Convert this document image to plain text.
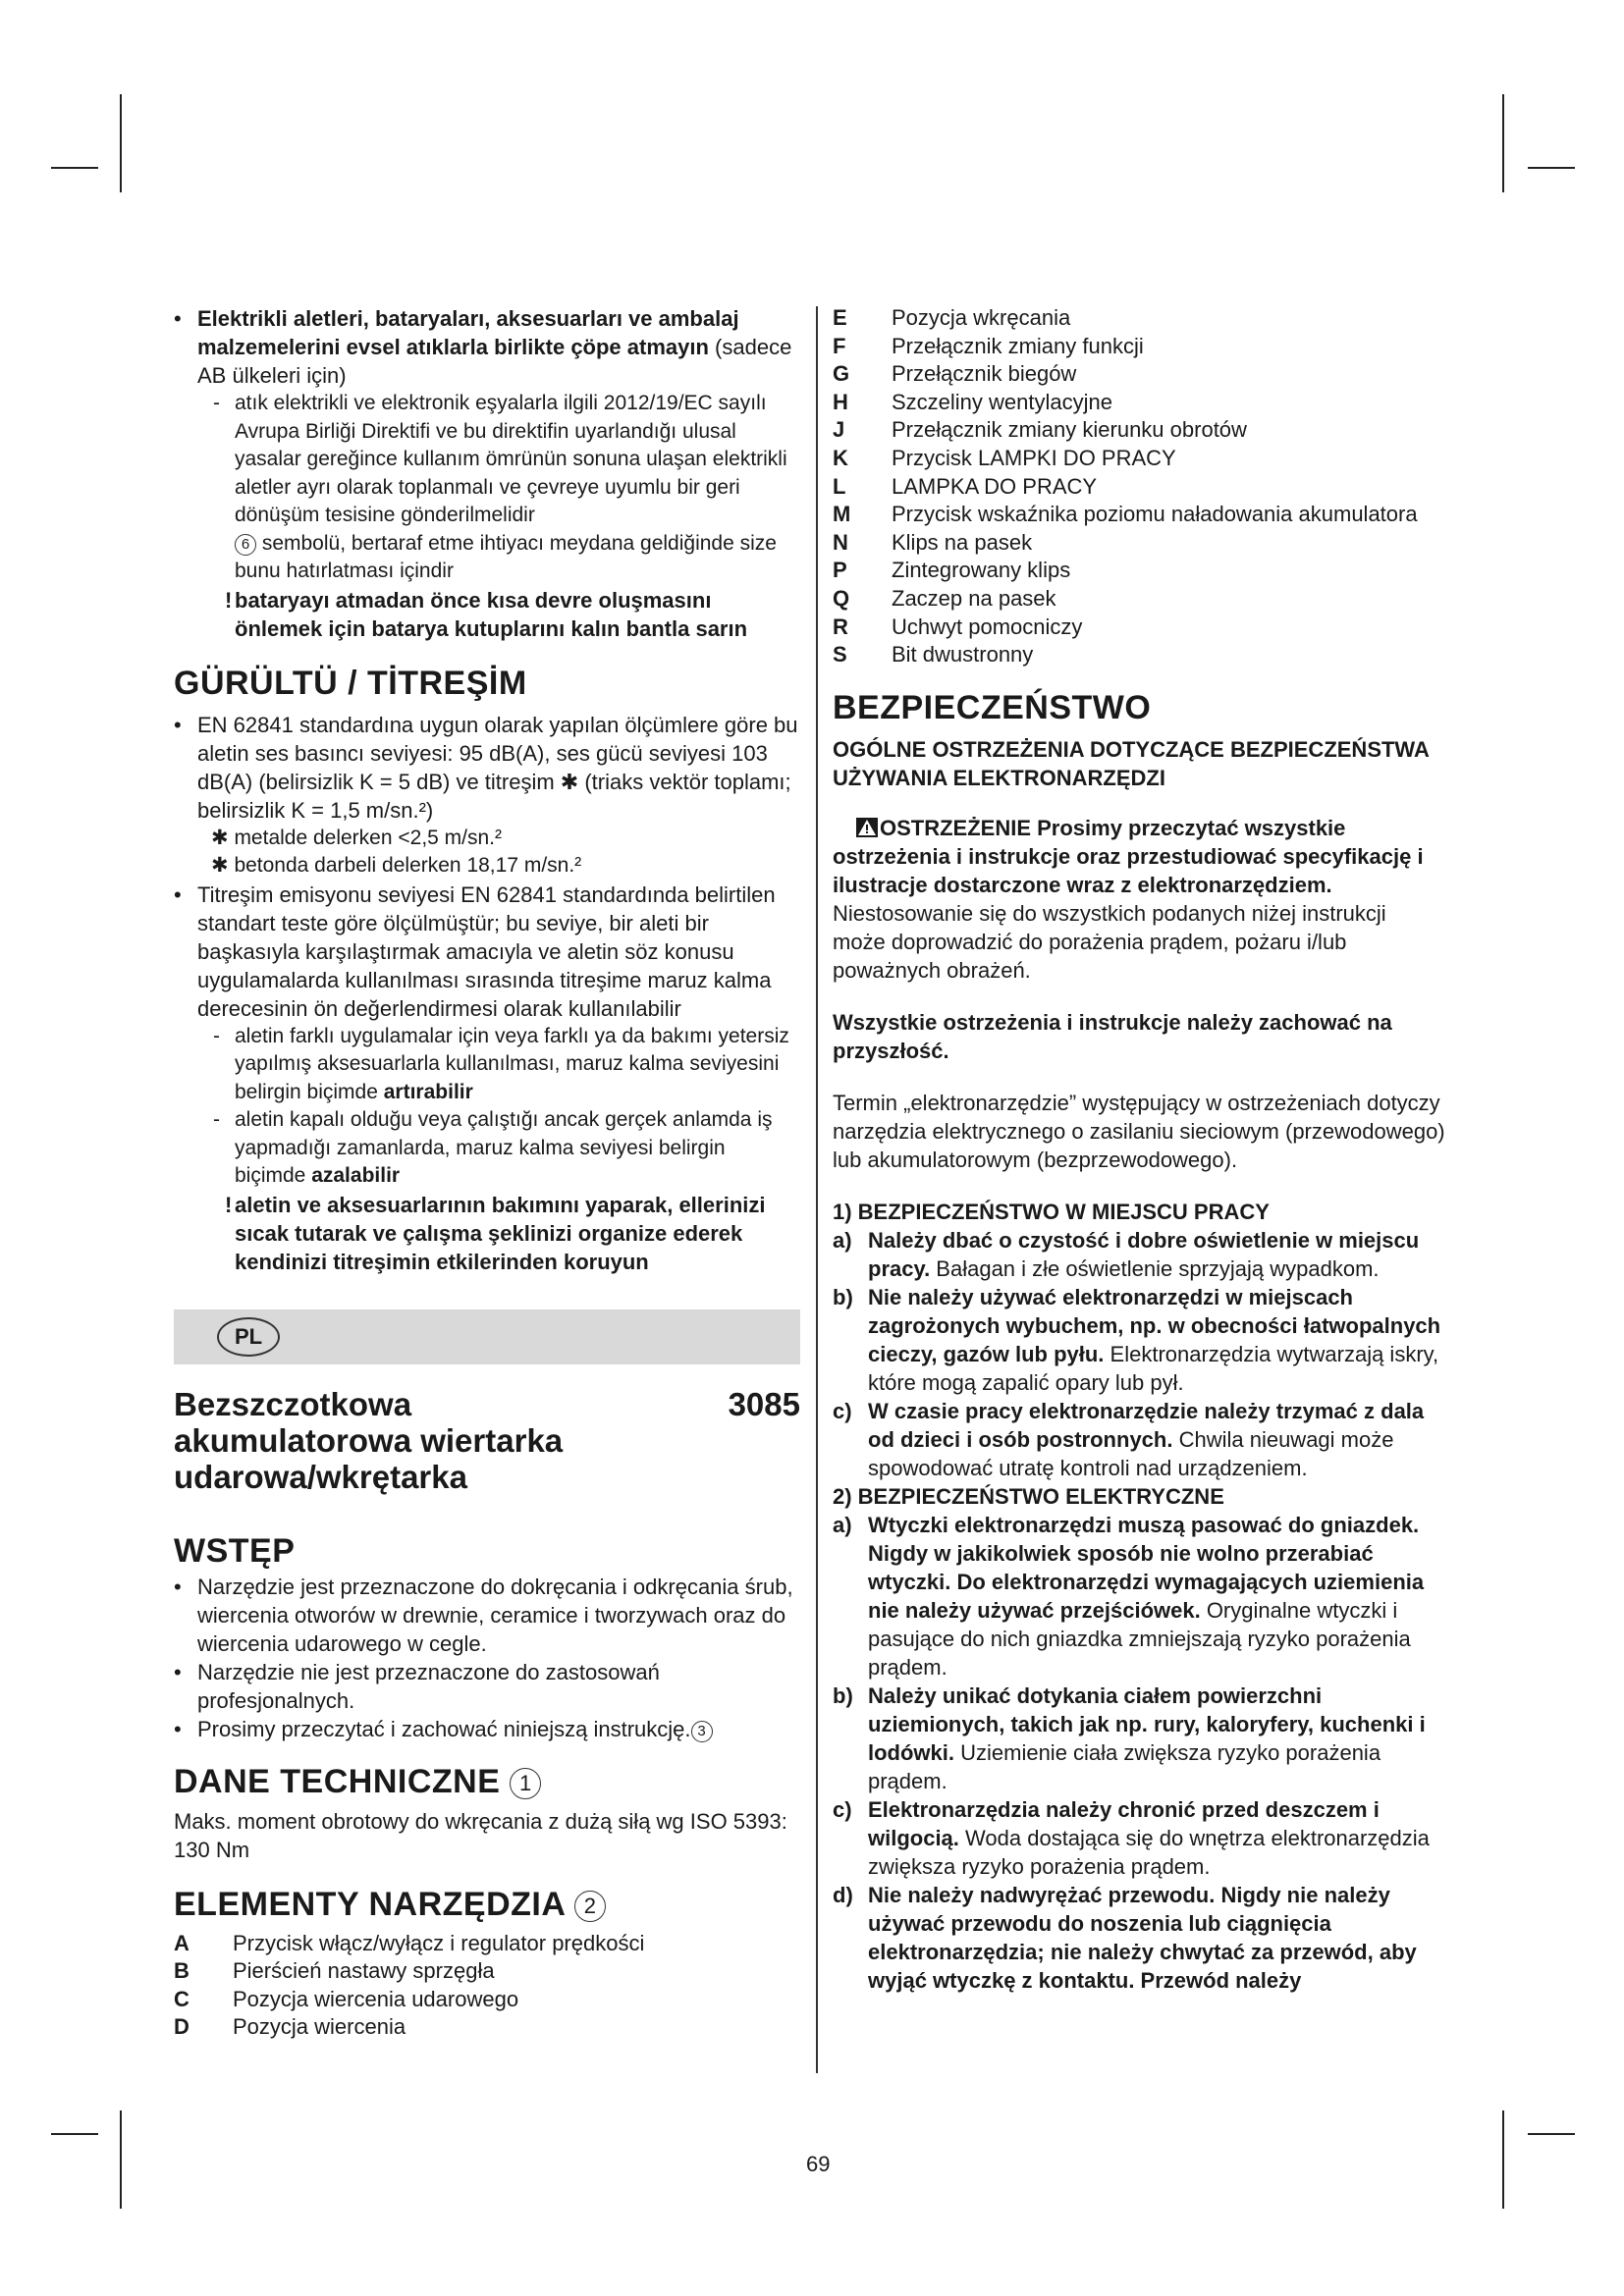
• Elektrikli aletleri, bataryaları, aksesuarları ve ambalaj malzemelerini evsel atıklarla birlikte çöpe atmayın (sadece AB ülkeleri için)
- atık elektrikli ve elektronik eşyalarla ilgili 2012/19/EC sayılı Avrupa Birliği Direktifi ve bu direktifin uyarlandığı ulusal yasalar gereğince kullanım ömrünün sonuna ulaşan elektrikli aletler ayrı olarak toplanmalı ve çevreye uyumlu bir geri dönüşüm tesisine gönderilmelidir
6 sembolü, bertaraf etme ihtiyacı meydana geldiğinde size bunu hatırlatması içindir
! bataryayı atmadan önce kısa devre oluşmasını önlemek için batarya kutuplarını kalın bantla sarın
GÜRÜLTÜ / TİTREŞİM
• EN 62841 standardına uygun olarak yapılan ölçümlere göre bu aletin ses basıncı seviyesi: 95 dB(A), ses gücü seviyesi 103 dB(A) (belirsizlik K = 5 dB) ve titreşim ✱ (triaks vektör toplamı; belirsizlik K = 1,5 m/sn.²)
✱ metalde delerken <2,5 m/sn.²
✱ betonda darbeli delerken 18,17 m/sn.²
• Titreşim emisyonu seviyesi EN 62841 standardında belirtilen standart teste göre ölçülmüştür; bu seviye, bir aleti bir başkasıyla karşılaştırmak amacıyla ve aletin söz konusu uygulamalarda kullanılması sırasında titreşime maruz kalma derecesinin ön değerlendirmesi olarak kullanılabilir
- aletin farklı uygulamalar için veya farklı ya da bakımı yetersiz yapılmış aksesuarlarla kullanılması, maruz kalma seviyesini belirgin biçimde artırabilir
- aletin kapalı olduğu veya çalıştığı ancak gerçek anlamda iş yapmadığı zamanlarda, maruz kalma seviyesi belirgin biçimde azalabilir
! aletin ve aksesuarlarının bakımını yaparak, ellerinizi sıcak tutarak ve çalışma şeklinizi organize ederek kendinizi titreşimin etkilerinden koruyun
PL
Bezszczotkowa akumulatorowa wiertarka udarowa/wkrętarka
3085
WSTĘP
• Narzędzie jest przeznaczone do dokręcania i odkręcania śrub, wiercenia otworów w drewnie, ceramice i tworzywach oraz do wiercenia udarowego w cegle.
• Narzędzie nie jest przeznaczone do zastosowań profesjonalnych.
• Prosimy przeczytać i zachować niniejszą instrukcję. 3
DANE TECHNICZNE 1

Maks. moment obrotowy do wkręcania z dużą siłą wg ISO 5393: 130 Nm

ELEMENTY NARZĘDZIA 2
A Przycisk włącz/wyłącz i regulator prędkości
B Pierścień nastawy sprzęgła
C Pozycja wiercenia udarowego
D Pozycja wiercenia
E Pozycja wkręcania
F Przełącznik zmiany funkcji
G Przełącznik biegów
H Szczeliny wentylacyjne
J Przełącznik zmiany kierunku obrotów
K Przycisk LAMPKI DO PRACY
L LAMPKA DO PRACY
M Przycisk wskaźnika poziomu naładowania akumulatora
N Klips na pasek
P Zintegrowany klips
Q Zaczep na pasek
R Uchwyt pomocniczy
S Bit dwustronny
BEZPIECZEŃSTWO

OGÓLNE OSTRZEŻENIA DOTYCZĄCE BEZPIECZEŃSTWA UŻYWANIA ELEKTRONARZĘDZI

OSTRZEŻENIE Prosimy przeczytać wszystkie ostrzeżenia i instrukcje oraz przestudiować specyfikację i ilustracje dostarczone wraz z elektronarzędziem. Niestosowanie się do wszystkich podanych niżej instrukcji może doprowadzić do porażenia prądem, pożaru i/lub poważnych obrażeń.

Wszystkie ostrzeżenia i instrukcje należy zachować na przyszłość.

Termin „elektronarzędzie” występujący w ostrzeżeniach dotyczy narzędzia elektrycznego o zasilaniu sieciowym (przewodowego) lub akumulatorowym (bezprzewodowego).

1) BEZPIECZEŃSTWO W MIEJSCU PRACY

a) Należy dbać o czystość i dobre oświetlenie w miejscu pracy. Bałagan i złe oświetlenie sprzyjają wypadkom.
b) Nie należy używać elektronarzędzi w miejscach zagrożonych wybuchem, np. w obecności łatwopalnych cieczy, gazów lub pyłu. Elektronarzędzia wytwarzają iskry, które mogą zapalić opary lub pył.
c) W czasie pracy elektronarzędzie należy trzymać z dala od dzieci i osób postronnych. Chwila nieuwagi może spowodować utratę kontroli nad urządzeniem.

2) BEZPIECZEŃSTWO ELEKTRYCZNE

a) Wtyczki elektronarzędzi muszą pasować do gniazdek. Nigdy w jakikolwiek sposób nie wolno przerabiać wtyczki. Do elektronarzędzi wymagających uziemienia nie należy używać przejściówek. Oryginalne wtyczki i pasujące do nich gniazdka zmniejszają ryzyko porażenia prądem.
b) Należy unikać dotykania ciałem powierzchni uziemionych, takich jak np. rury, kaloryfery, kuchenki i lodówki. Uziemienie ciała zwiększa ryzyko porażenia prądem.
c) Elektronarzędzia należy chronić przed deszczem i wilgocią. Woda dostająca się do wnętrza elektronarzędzia zwiększa ryzyko porażenia prądem.
d) Nie należy nadwyrężać przewodu. Nigdy nie należy używać przewodu do noszenia lub ciągnięcia elektronarzędzia; nie należy chwytać za przewód, aby wyjąć wtyczkę z kontaktu. Przewód należy
69
